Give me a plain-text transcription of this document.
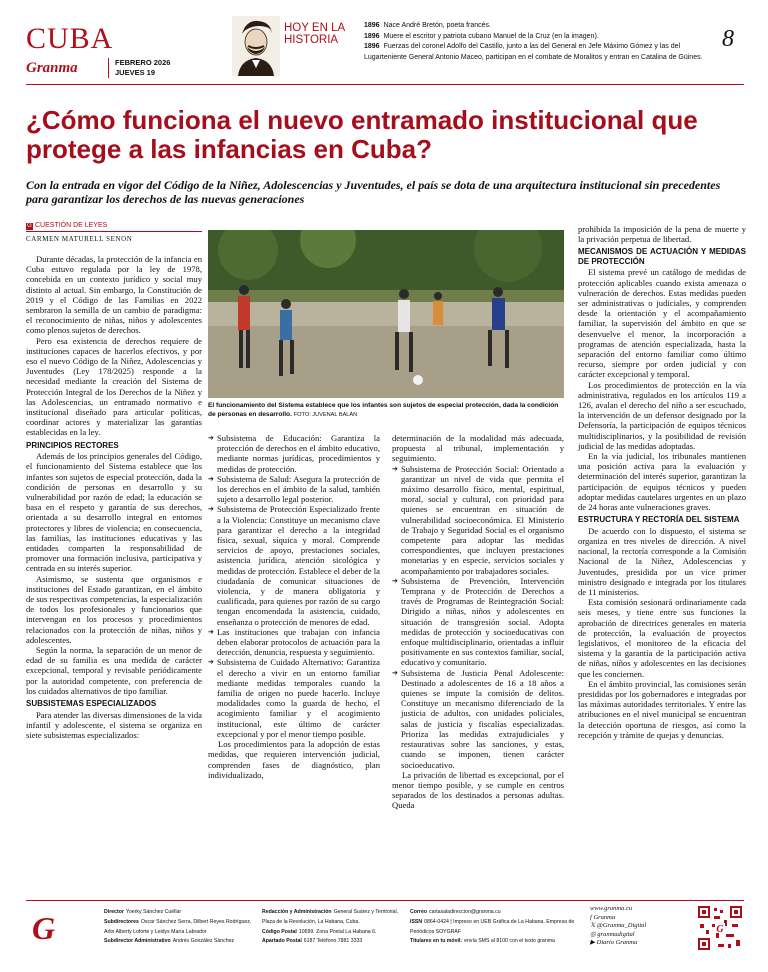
CUBA
Granma	FEBRERO 2026
JUEVES 19
HOY EN LA
HISTORIA
1896 Nace André Bretón, poeta francés.
1896 Muere el escritor y patriota cubano Manuel de la Cruz (en la imagen).
1896 Fuerzas del coronel Adolfo del Castillo, junto a las del General en Jefe Máximo Gómez y las del Lugarteniente General Antonio Maceo, participan en el combate de Moralitos y entran en Catalina de Güines.
8
¿Cómo funciona el nuevo entramado institucional que protege a las infancias en Cuba?
Con la entrada en vigor del Código de la Niñez, Adolescencias y Juventudes, el país se dota de una arquitectura institucional sin precedentes para garantizar los derechos de las nuevas generaciones
G CUESTIÓN DE LEYES
CARMEN MATURELL SENON

Durante décadas, la protección de la infancia en Cuba estuvo regulada por la ley de 1978, concebida en un contexto jurídico y social muy distinto al actual. Sin embargo, la Constitución de 2019 y el Código de las Familias en 2022 sembraron la semilla de un cambio de paradigma: el reconocimiento de niñas, niños y adolescentes como plenos sujetos de derechos.

Pero esa existencia de derechos requiere de instituciones capaces de hacerlos efectivos, y por eso el nuevo Código de la Niñez, Adolescencias y Juventudes (Ley 178/2025) responde a la necesidad mediante la creación del Sistema de Protección Integral de los Derechos de la Niñez y las Adolescencias, un entramado normativo e institucional diseñado para articular políticas, coordinar actores y materializar las garantías establecidas en la ley.

PRINCIPIOS RECTORES

Además de los principios generales del Código, el funcionamiento del Sistema establece que los infantes son sujetos de especial protección, dada la condición de personas en desarrollo y su vulnerabilidad por razón de edad; la educación se basa en el respeto y garantía de sus derechos, orientada a su desarrollo integral en entornos protectores y libres de violencia; en consecuencia, las familias, las instituciones educativas y las entidades comparten la responsabilidad de promover una formación inclusiva, participativa y centrada en su interés superior.

Asimismo, se sustenta que organismos e instituciones del Estado garantizan, en el ámbito de sus respectivas competencias, la especialización de todos los profesionales y funcionarios que intervengan en los procesos y procedimientos relacionados con la protección de niñas, niños y adolescentes.

Según la norma, la separación de un menor de edad de su familia es una medida de carácter excepcional, temporal y revisable periódicamente por la autoridad competente, con preferencia de los cuidados alternativos de tipo familiar.

SUBSISTEMAS ESPECIALIZADOS

Para atender las diversas dimensiones de la vida infantil y adolescente, el sistema se organiza en siete subsistemas especializados:

El funcionamiento del Sistema establece que los infantes son sujetos de especial protección, dada la condición de personas en desarrollo. FOTO: JUVENAL BALÁN
➔ Subsistema de Educación: Garantiza la protección de derechos en el ámbito educativo, mediante normas jurídicas, procedimientos y medidas de protección.
➔ Subsistema de Salud: Asegura la protección de los derechos en el ámbito de la salud, también sujeto a desarrollo legal posterior.
➔ Subsistema de Protección Especializado frente a la Violencia: Constituye un mecanismo clave para garantizar el derecho a la integridad física, sexual, síquica y moral. Comprende servicios de apoyo, prestaciones sociales, asistencia jurídica, atención sicológica y medidas de protección. Establece el deber de la ciudadanía de comunicar situaciones de violencia, y de manera obligatoria y cualificada, para quienes por razón de su cargo tengan encomendada la asistencia, cuidado, enseñanza o protección de menores de edad.
➔ Las instituciones que trabajan con infancia deben elaborar protocolos de actuación para la detección, denuncia, respuesta y seguimiento.
➔ Subsistema de Cuidado Alternativo: Garantiza el derecho a vivir en un entorno familiar mediante medidas temporales cuando la familia de origen no puede hacerlo. Incluye modalidades como la guarda de hecho, el acogimiento familiar y el acogimiento institucional, este último de carácter excepcional y por el menor tiempo posible.

Los procedimientos para la adopción de estas medidas, que requieren intervención judicial, comprenden fases de diagnóstico, plan individualizado,

determinación de la modalidad más adecuada, propuesta al tribunal, implementación y seguimiento.

➔ Subsistema de Protección Social: Orientado a garantizar un nivel de vida que permita el máximo desarrollo físico, mental, espiritual, moral, social y cultural, con prioridad para quienes se encuentran en situación de vulnerabilidad socioeconómica. El Ministerio de Trabajo y Seguridad Social es el organismo competente para adoptar las medidas correspondientes, que incluyen prestaciones monetarias y en especie, servicios sociales y acompañamiento por trabajadores sociales.
➔ Subsistema de Prevención, Intervención Temprana y de Protección de Derechos a través de Programas de Reintegración Social: Dirigido a niñas, niños y adolescentes en situación de transgresión social. Adopta medidas de protección y socioeducativas con enfoque multidisciplinario, orientadas a influir positivamente en sus contextos familiar, social, educativo y comunitario.
➔ Subsistema de Justicia Penal Adolescente: Destinado a adolescentes de 16 a 18 años a quienes se impute la comisión de delitos. Constituye un mecanismo diferenciado de la justicia de adultos, con unidades policiales, salas de justicia y fiscalías especializadas. Prioriza las medidas extrajudiciales y restaurativas sobre las sanciones, y estas, cuando se imponen, tienen carácter socioeducativo.

La privación de libertad es excepcional, por el menor tiempo posible, y se cumple en centros separados de los destinados a personas adultas. Queda

prohibida la imposición de la pena de muerte y la privación perpetua de libertad.

MECANISMOS DE ACTUACIÓN Y MEDIDAS DE PROTECCIÓN

El sistema prevé un catálogo de medidas de protección aplicables cuando exista amenaza o vulneración de derechos. Estas medidas pueden ser administrativas o judiciales, y comprenden desde la orientación y el acompañamiento familiar, la supervisión del ámbito en que se desenvuelve el menor, la incorporación a programas de atención especializada, hasta la separación del entorno familiar como último recurso, siempre por orden judicial y con carácter excepcional y temporal.

Los procedimientos de protección en la vía administrativa, regulados en los artículos 119 a 126, avalan el derecho del niño a ser escuchado, la intervención de un defensor designado por la Defensoría, la participación de equipos técnicos multidisciplinarios, y la posibilidad de revisión judicial de las medidas adoptadas.

En la vía judicial, los tribunales mantienen una posición activa para la evaluación y determinación del interés superior, garantizan la participación de equipos técnicos y pueden adoptar medidas cautelares urgentes en un plazo de 24 horas ante vulneraciones graves.

ESTRUCTURA Y RECTORÍA DEL SISTEMA

De acuerdo con lo dispuesto, el sistema se organiza en tres niveles de dirección. A nivel nacional, la rectoría corresponde a la Comisión Nacional de la Niñez, Adolescencias y Juventudes, presidida por un vice primer ministro designado e integrada por los titulares de 11 ministerios.

Esta comisión sesionará ordinariamente cada seis meses, y tiene entre sus funciones la aprobación de directrices generales en materia de protección, la evaluación de proyectos legislativos, el monitoreo de la eficacia del sistema y la garantía de la participación activa de niñas, niños y adolescentes en las decisiones que les conciernen.

En el ámbito provincial, las comisiones serán presididas por los gobernadores e integradas por las máximas autoridades territoriales. Y entre las atribuciones en el nivel municipal se encuentran la detección oportuna de riesgos, así como la recepción y trámite de quejas y denuncias.

G	Director Yoerky Sánchez Cuéllar
Subdirectores Oscar Sánchez Serra, Dilbert Reyes Rodríguez, Arlin Alberty Loforte y Leidys María Labrador
Subdirector Administrativo Andrés González Sánchez
Redacción y Administración General Suárez y Territorial, Plaza de la Revolución, La Habana, Cuba.
Código Postal 10699. Zona Postal La Habana 6.
Apartado Postal 6187 Teléfono 7881 3333
Correo cartasaladireccion@granma.cu
ISSN 0864-0424 | Impreso en UEB Gráfica de La Habana. Empresa de Periódicos SOYGRAF
Titulares en tu móvil: envía SMS al 8100 con el texto granma
www.granma.cu
f Granma
𝕏 @Granma_Digital
◎ granmadigital
▶ Diario Granma
G
